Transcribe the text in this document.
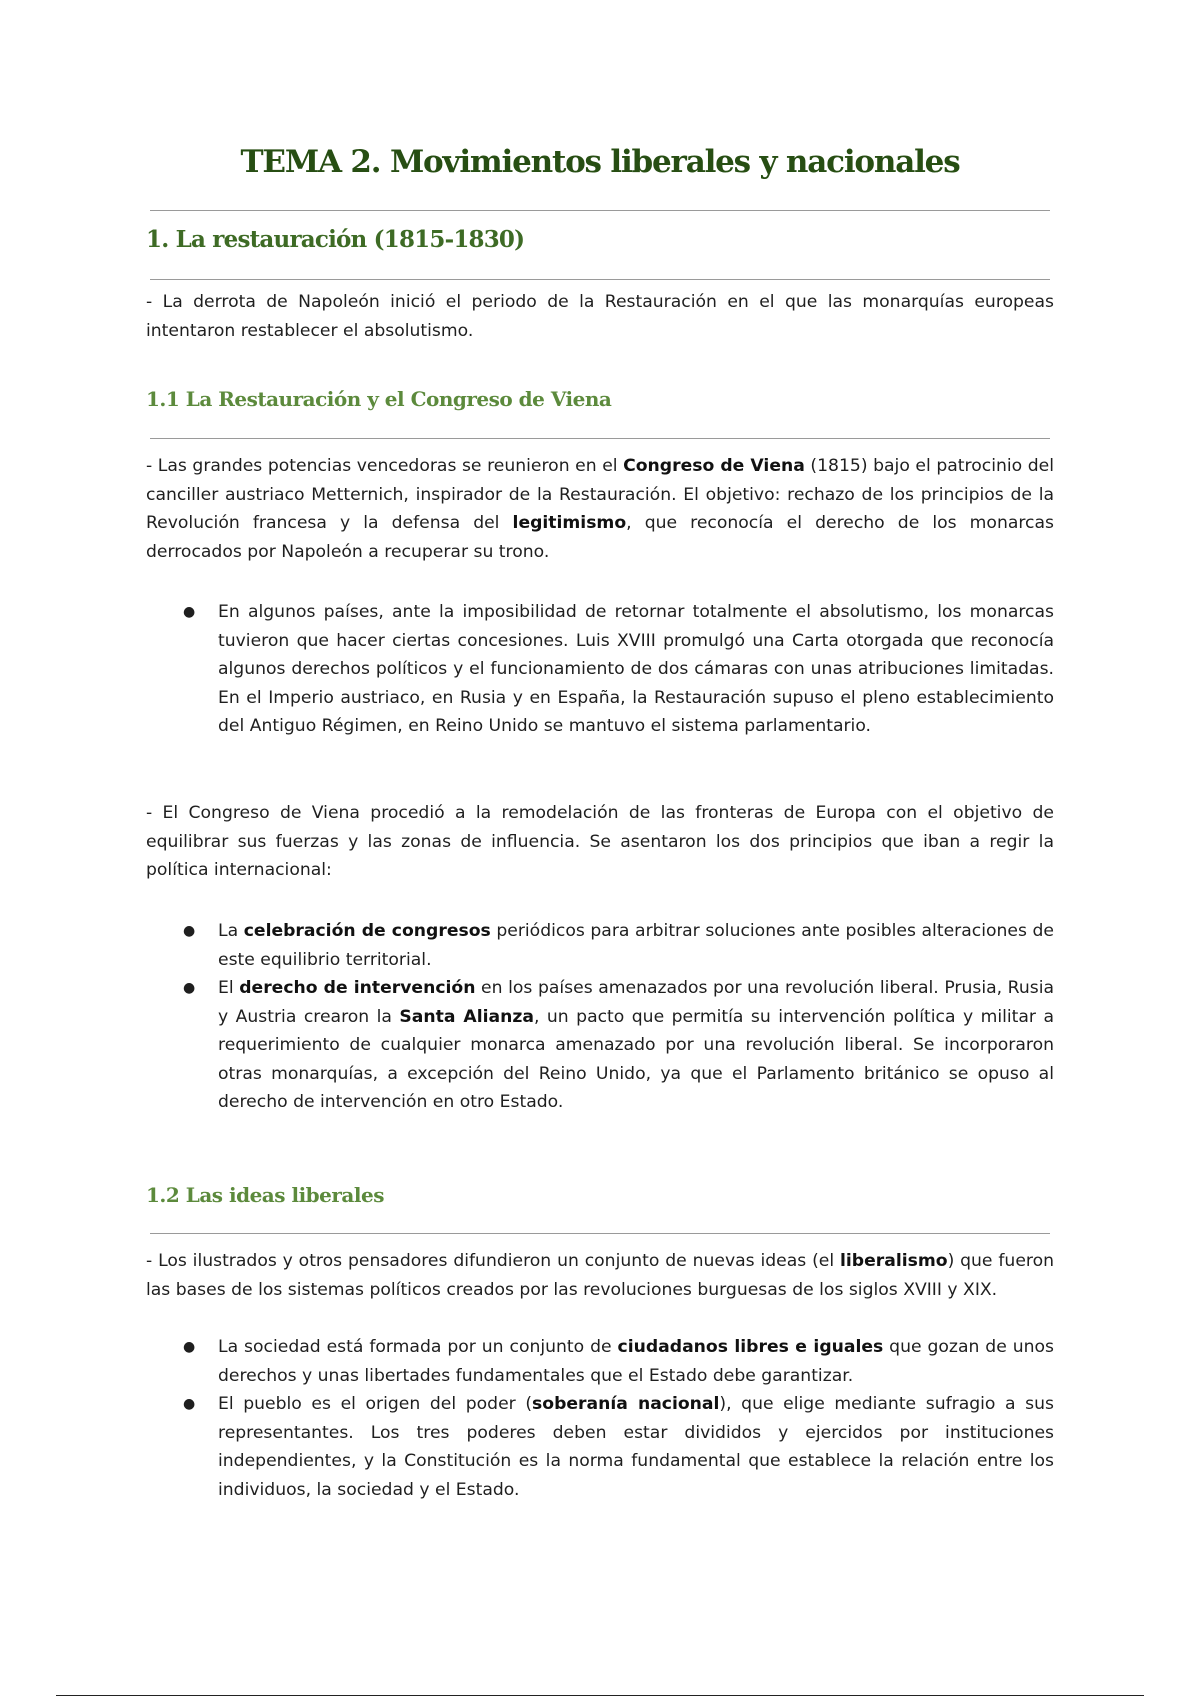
TEMA 2. Movimientos liberales y nacionales
1. La restauración (1815-1830)

- La derrota de Napoleón inició el periodo de la Restauración en el que las monarquías europeas intentaron restablecer el absolutismo.

1.1 La Restauración y el Congreso de Viena

- Las grandes potencias vencedoras se reunieron en el Congreso de Viena (1815) bajo el patrocinio del canciller austriaco Metternich, inspirador de la Restauración. El objetivo: rechazo de los principios de la Revolución francesa y la defensa del legitimismo, que reconocía el derecho de los monarcas derrocados por Napoleón a recuperar su trono.

● En algunos países, ante la imposibilidad de retornar totalmente el absolutismo, los monarcas tuvieron que hacer ciertas concesiones. Luis XVIII promulgó una Carta otorgada que reconocía algunos derechos políticos y el funcionamiento de dos cámaras con unas atribuciones limitadas. En el Imperio austriaco, en Rusia y en España, la Restauración supuso el pleno establecimiento del Antiguo Régimen, en Reino Unido se mantuvo el sistema parlamentario.

- El Congreso de Viena procedió a la remodelación de las fronteras de Europa con el objetivo de equilibrar sus fuerzas y las zonas de influencia. Se asentaron los dos principios que iban a regir la política internacional:

● La celebración de congresos periódicos para arbitrar soluciones ante posibles alteraciones de este equilibrio territorial.
● El derecho de intervención en los países amenazados por una revolución liberal. Prusia, Rusia y Austria crearon la Santa Alianza, un pacto que permitía su intervención política y militar a requerimiento de cualquier monarca amenazado por una revolución liberal. Se incorporaron otras monarquías, a excepción del Reino Unido, ya que el Parlamento británico se opuso al derecho de intervención en otro Estado.
1.2 Las ideas liberales

- Los ilustrados y otros pensadores difundieron un conjunto de nuevas ideas (el liberalismo) que fueron las bases de los sistemas políticos creados por las revoluciones burguesas de los siglos XVIII y XIX.

● La sociedad está formada por un conjunto de ciudadanos libres e iguales que gozan de unos derechos y unas libertades fundamentales que el Estado debe garantizar.
● El pueblo es el origen del poder (soberanía nacional), que elige mediante sufragio a sus representantes. Los tres poderes deben estar divididos y ejercidos por instituciones independientes, y la Constitución es la norma fundamental que establece la relación entre los individuos, la sociedad y el Estado.
